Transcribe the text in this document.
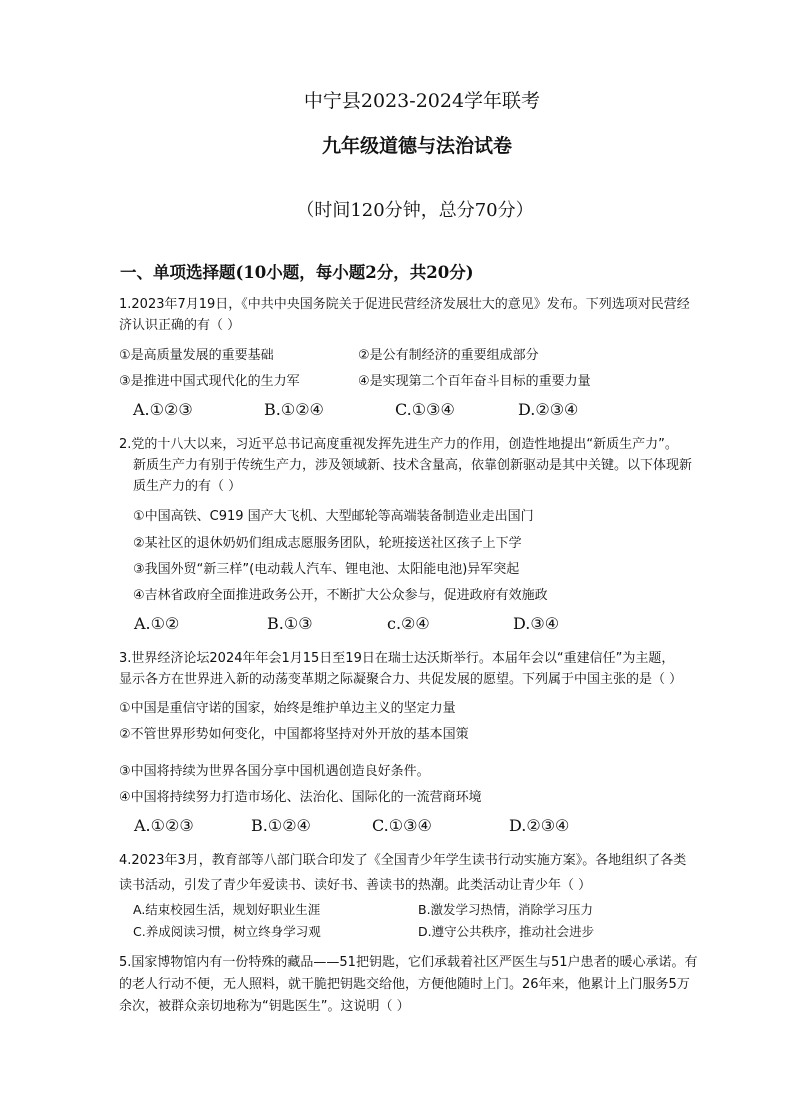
中宁县2023-2024学年联考
九年级道德与法治试卷
（时间120分钟，总分70分）
一、单项选择题(10小题，每小题2分，共20分)
1.2023年7月19日，《中共中央国务院关于促进民营经济发展壮大的意见》发布。下列选项对民营经
济认识正确的有（ ）
①是高质量发展的重要基础	②是公有制经济的重要组成部分
③是推进中国式现代化的生力军	④是实现第二个百年奋斗目标的重要力量
A.①②③	B.①②④	C.①③④	D.②③④
2.党的十八大以来，习近平总书记高度重视发挥先进生产力的作用，创造性地提出“新质生产力”。
新质生产力有别于传统生产力，涉及领域新、技术含量高，依靠创新驱动是其中关键。以下体现新
质生产力的有（ ）
①中国高铁、C919 国产大飞机、大型邮轮等高端装备制造业走出国门
②某社区的退休奶奶们组成志愿服务团队，轮班接送社区孩子上下学
③我国外贸“新三样”(电动载人汽车、锂电池、太阳能电池)异军突起
④吉林省政府全面推进政务公开，不断扩大公众参与，促进政府有效施政
A.①②	B.①③	c.②④	D.③④
3.世界经济论坛2024年年会1月15日至19日在瑞士达沃斯举行。本届年会以“重建信任”为主题，
显示各方在世界进入新的动荡变革期之际凝聚合力、共促发展的愿望。下列属于中国主张的是（ ）
①中国是重信守诺的国家，始终是维护单边主义的坚定力量
②不管世界形势如何变化，中国都将坚持对外开放的基本国策
③中国将持续为世界各国分享中国机遇创造良好条件。
④中国将持续努力打造市场化、法治化、国际化的一流营商环境
A.①②③	B.①②④	C.①③④	D.②③④
4.2023年3月，教育部等八部门联合印发了《全国青少年学生读书行动实施方案》。各地组织了各类
读书活动，引发了青少年爱读书、读好书、善读书的热潮。此类活动让青少年（ ）
A.结束校园生活，规划好职业生涯	B.激发学习热情，消除学习压力
C.养成阅读习惯，树立终身学习观	D.遵守公共秩序，推动社会进步
5.国家博物馆内有一份特殊的藏品——51把钥匙，它们承载着社区严医生与51户患者的暖心承诺。有
的老人行动不便，无人照料，就干脆把钥匙交给他，方便他随时上门。26年来，他累计上门服务5万
余次，被群众亲切地称为“钥匙医生”。这说明（ ）
